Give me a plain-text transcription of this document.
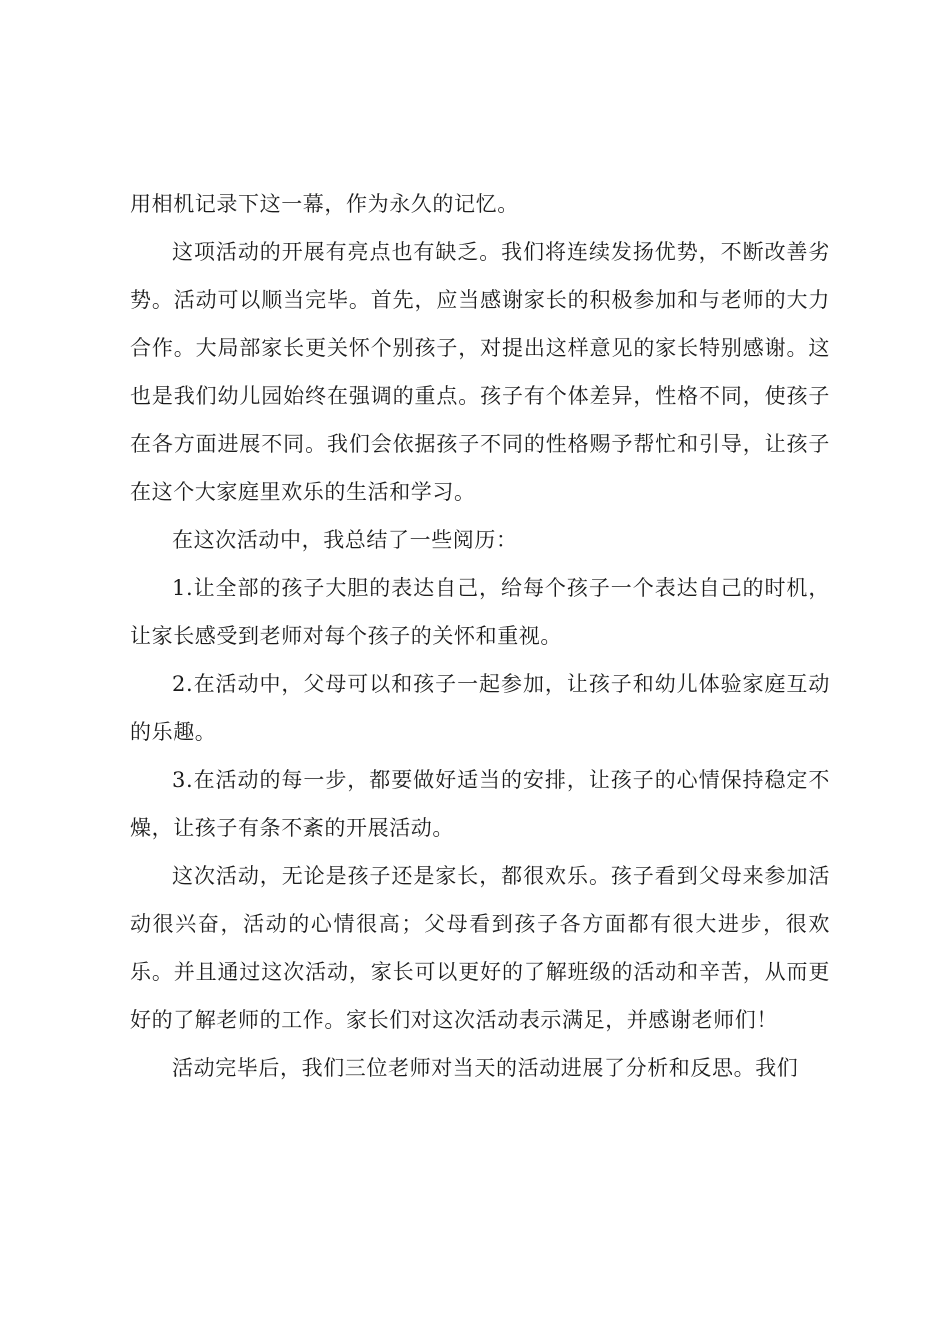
用相机记录下这一幕，作为永久的记忆。

这项活动的开展有亮点也有缺乏。我们将连续发扬优势，不断改善劣势。活动可以顺当完毕。首先，应当感谢家长的积极参加和与老师的大力合作。大局部家长更关怀个别孩子，对提出这样意见的家长特别感谢。这也是我们幼儿园始终在强调的重点。孩子有个体差异，性格不同，使孩子在各方面进展不同。我们会依据孩子不同的性格赐予帮忙和引导，让孩子在这个大家庭里欢乐的生活和学习。

在这次活动中，我总结了一些阅历：

1.让全部的孩子大胆的表达自己，给每个孩子一个表达自己的时机，让家长感受到老师对每个孩子的关怀和重视。

2.在活动中，父母可以和孩子一起参加，让孩子和幼儿体验家庭互动的乐趣。

3.在活动的每一步，都要做好适当的安排，让孩子的心情保持稳定不燥，让孩子有条不紊的开展活动。

这次活动，无论是孩子还是家长，都很欢乐。孩子看到父母来参加活动很兴奋，活动的心情很高；父母看到孩子各方面都有很大进步，很欢乐。并且通过这次活动，家长可以更好的了解班级的活动和辛苦，从而更好的了解老师的工作。家长们对这次活动表示满足，并感谢老师们！

活动完毕后，我们三位老师对当天的活动进展了分析和反思。我们
